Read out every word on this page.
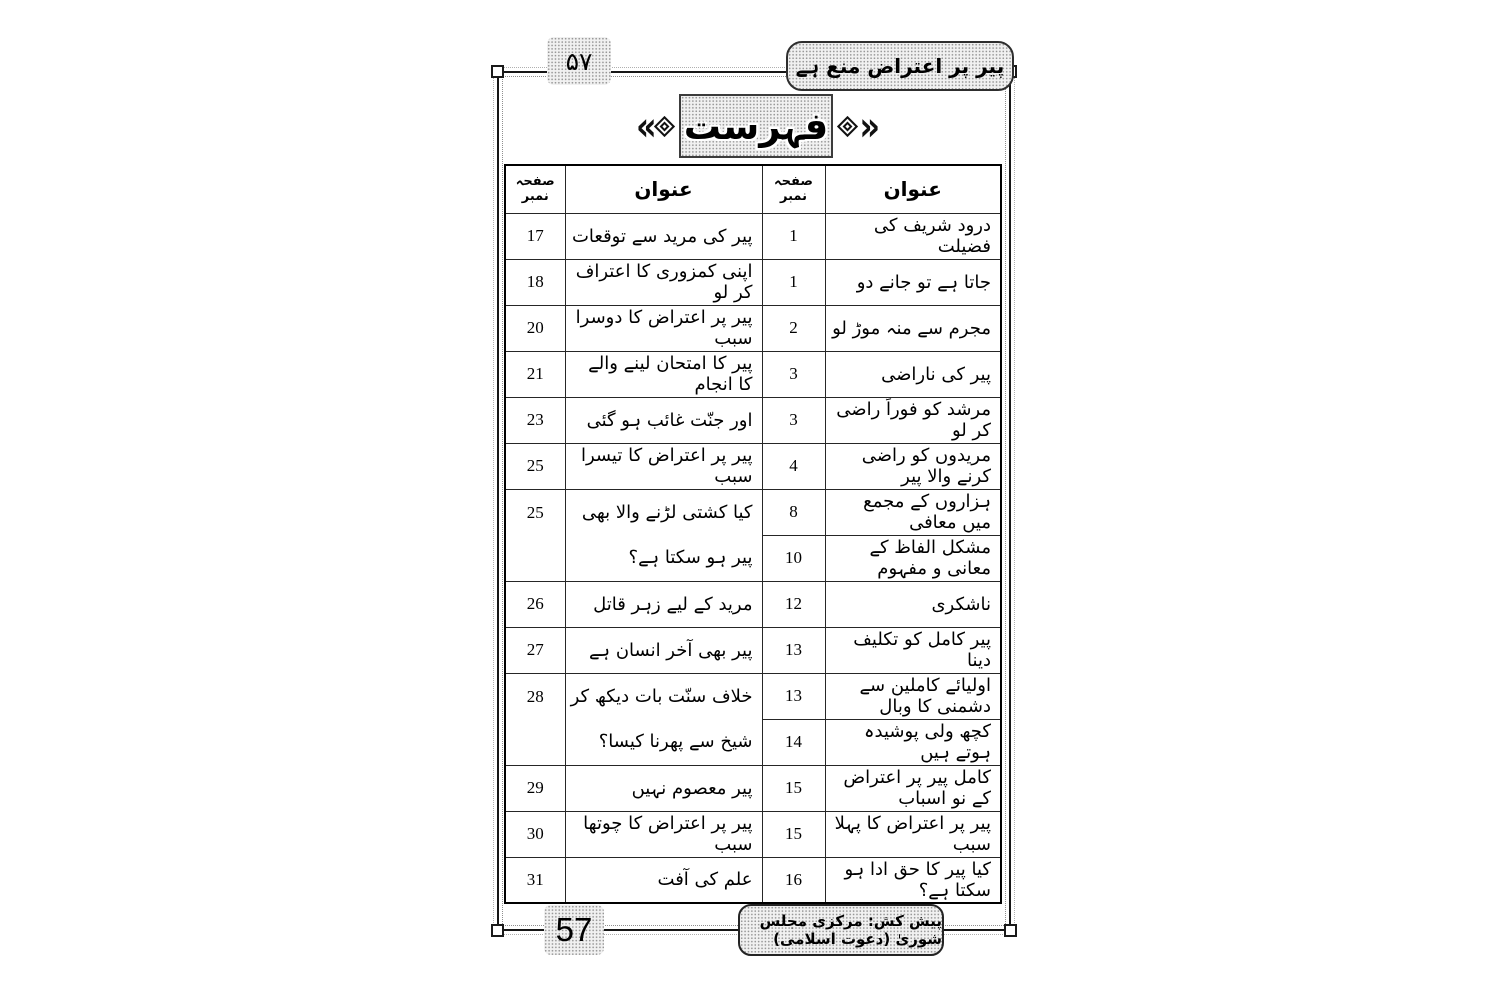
۵۷	پیر پر اعتراض منع ہے
« فہرست »
عنوان	صفحہ نمبر	عنوان	صفحہ نمبر
درود شریف کی فضیلت	1	پیر کی مرید سے توقعات	17
جاتا ہے تو جانے دو	1	اپنی کمزوری کا اعتراف کر لو	18
مجرم سے منہ موڑ لو	2	پیر پر اعتراض کا دوسرا سبب	20
پیر کی ناراضی	3	پیر کا امتحان لینے والے کا انجام	21
مرشد کو فوراً راضی کر لو	3	اور جنّت غائب ہو گئی	23
مریدوں کو راضی کرنے والا پیر	4	پیر پر اعتراض کا تیسرا سبب	25
ہزاروں کے مجمع میں معافی	8	کیا کشتی لڑنے والا بھی پیر ہو سکتا ہے؟	25
مشکل الفاظ کے معانی و مفہوم	10		
ناشکری	12	مرید کے لیے زہر قاتل	26
پیر کامل کو تکلیف دینا	13	پیر بھی آخر انسان ہے	27
اولیائے کاملین سے دشمنی کا وبال	13	خلاف سنّت بات دیکھ کر شیخ سے پھرنا کیسا؟	28
کچھ ولی پوشیدہ ہوتے ہیں	14		
کامل پیر پر اعتراض کے نو اسباب	15	پیر معصوم نہیں	29
پیر پر اعتراض کا پہلا سبب	15	پیر پر اعتراض کا چوتھا سبب	30
کیا پیر کا حق ادا ہو سکتا ہے؟	16	علم کی آفت	31
57	پیش کش: مرکزی مجلس شوریٰ (دعوت اسلامی)
